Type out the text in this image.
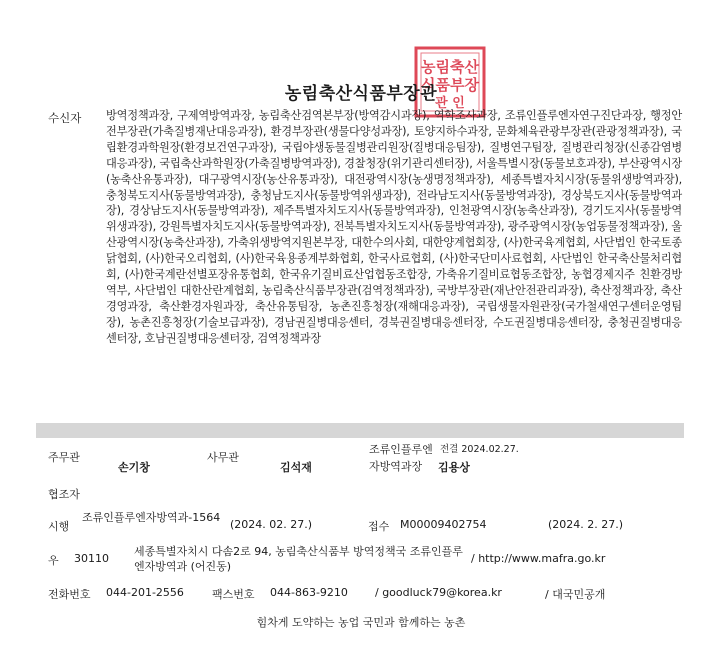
농림축산
식품부장
관 인
농림축산식품부장관
수신자 방역정책과장, 구제역방역과장, 농림축산검역본부장(방역감시과장), 역학조사과장, 조류인플루엔자연구진단과장, 행정안전부장관(가축질병재난대응과장), 환경부장관(생물다양성과장), 토양지하수과장, 문화체육관광부장관(관광정책과장), 국립환경과학원장(환경보건연구과장), 국립야생동물질병관리원장(질병대응팀장), 질병연구팀장, 질병관리청장(신종감염병대응과장), 국립축산과학원장(가축질병방역과장), 경찰청장(위기관리센터장), 서울특별시장(동물보호과장), 부산광역시장(농축산유통과장), 대구광역시장(농산유통과장), 대전광역시장(농생명정책과장), 세종특별자치시장(동물위생방역과장), 충청북도지사(동물방역과장), 충청남도지사(동물방역위생과장), 전라남도지사(동물방역과장), 경상북도지사(동물방역과장), 경상남도지사(동물방역과장), 제주특별자치도지사(동물방역과장), 인천광역시장(농축산과장), 경기도지사(동물방역위생과장), 강원특별자치도지사(동물방역과장), 전북특별자치도지사(동물방역과장), 광주광역시장(농업동물정책과장), 울산광역시장(농축산과장), 가축위생방역지원본부장, 대한수의사회, 대한양계협회장, (사)한국육계협회, 사단법인 한국토종닭협회, (사)한국오리협회, (사)한국육용종계부화협회, 한국사료협회, (사)한국단미사료협회, 사단법인 한국축산물처리협회, (사)한국계란선별포장유통협회, 한국유기질비료산업협동조합장, 가축유기질비료협동조합장, 농협경제지주 친환경방역부, 사단법인 대한산란계협회, 농림축산식품부장관(검역정책과장), 국방부장관(재난안전관리과장), 축산정책과장, 축산경영과장, 축산환경자원과장, 축산유통팀장, 농촌진흥청장(재해대응과장), 국립생물자원관장(국가철새연구센터운영팀장), 농촌진흥청장(기술보급과장), 경남권질병대응센터, 경북권질병대응센터장, 수도권질병대응센터장, 충청권질병대응센터장, 호남권질병대응센터장, 검역정책과장
주무관
손기창
사무관
김석재
조류인플루엔
자방역과장
전결 2024.02.27.
김용상
협조자
시행
조류인플루엔자방역과-1564
(2024. 02. 27.)	접수 M00009402754	(2024. 2. 27.)
우 30110
세종특별자치시 다솜2로 94, 농림축산식품부 방역정책국 조류인플루엔자방역과 (어진동)
/ http://www.mafra.go.kr
전화번호 044-201-2556	팩스번호 044-863-9210 / goodluck79@korea.kr	/ 대국민공개
힘차게 도약하는 농업 국민과 함께하는 농촌
